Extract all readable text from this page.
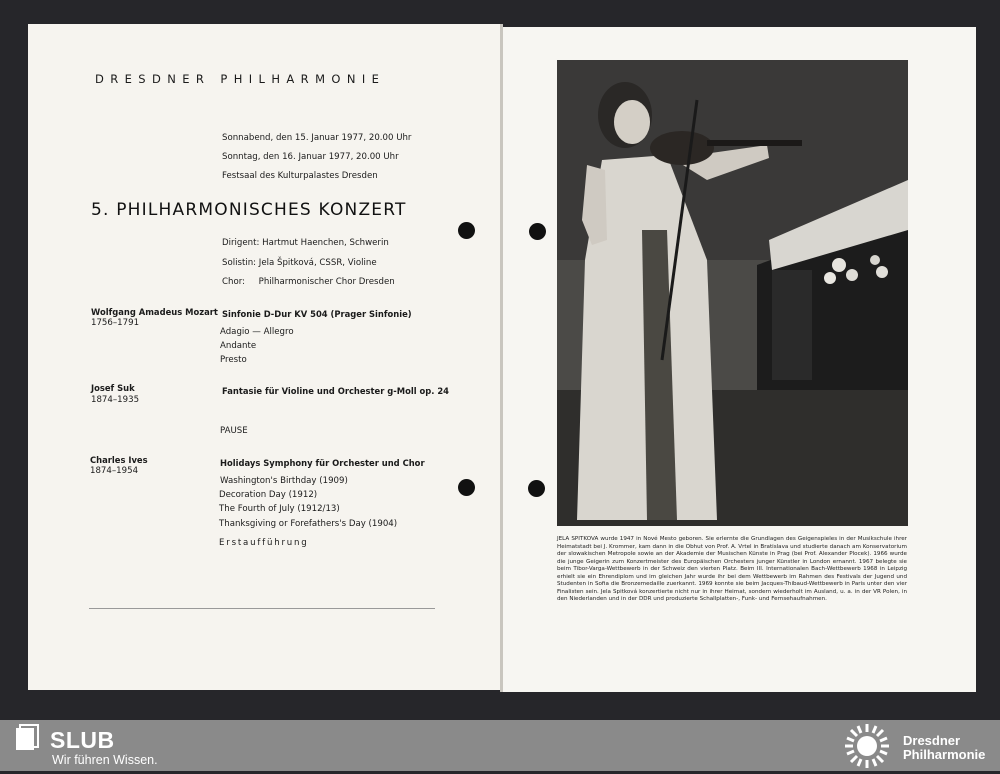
DRESDNER PHILHARMONIE
Sonnabend, den 15. Januar 1977, 20.00 Uhr
Sonntag, den 16. Januar 1977, 20.00 Uhr
Festsaal des Kulturpalastes Dresden
5. PHILHARMONISCHES KONZERT
Dirigent: Hartmut Haenchen, Schwerin
Solistin: Jela Špitková, CSSR, Violine
Chor:     Philharmonischer Chor Dresden
Wolfgang Amadeus Mozart
1756–1791
Sinfonie D-Dur KV 504 (Prager Sinfonie)
Adagio — Allegro
Andante
Presto
Josef Suk
1874–1935
Fantasie für Violine und Orchester g-Moll op. 24
PAUSE
Charles Ives
1874–1954
Holidays Symphony für Orchester und Chor
Washington's Birthday (1909)
Decoration Day (1912)
The Fourth of July (1912/13)
Thanksgiving or Forefathers's Day (1904)
Erstaufführung	JELA SPITKOVA wurde 1947 in Nové Mesto geboren. Sie erlernte die Grundlagen des Geigenspieles in der Musikschule ihrer Heimatstadt bei J. Krommer, kam dann in die Obhut von Prof. A. Vrtel in Bratislava und studierte danach am Konservatorium der slowakischen Metropole sowie an der Akademie der Musischen Künste in Prag (bei Prof. Alexander Plocek). 1966 wurde die junge Geigerin zum Konzertmeister des Europäischen Orchesters junger Künstler in London ernannt. 1967 belegte sie beim Tibor-Varga-Wettbewerb in der Schweiz den vierten Platz. Beim III. Internationalen Bach-Wettbewerb 1968 in Leipzig erhielt sie ein Ehrendiplom und im gleichen Jahr wurde ihr bei dem Wettbewerb im Rahmen des Festivals der Jugend und Studenten in Sofia die Bronzemedaille zuerkannt. 1969 konnte sie beim Jacques-Thibaud-Wettbewerb in Paris unter den vier Finalisten sein. Jela Spitková konzertierte nicht nur in ihrer Heimat, sondern wiederholt im Ausland, u. a. in der VR Polen, in den Niederlanden und in der DDR und produzierte Schallplatten-, Funk- und Fernsehaufnahmen.
SLUB
Wir führen Wissen.
Dresdner
Philharmonie
